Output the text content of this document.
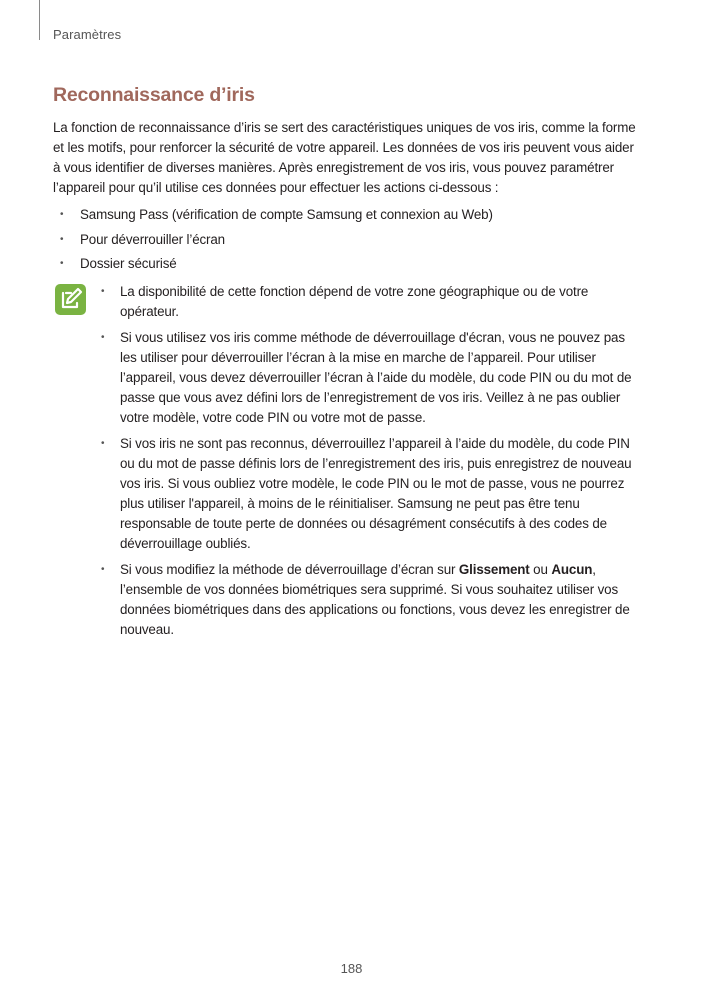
Paramètres
Reconnaissance d’iris

La fonction de reconnaissance d’iris se sert des caractéristiques uniques de vos iris, comme la forme et les motifs, pour renforcer la sécurité de votre appareil. Les données de vos iris peuvent vous aider à vous identifier de diverses manières. Après enregistrement de vos iris, vous pouvez paramétrer l’appareil pour qu’il utilise ces données pour effectuer les actions ci-dessous :

• Samsung Pass (vérification de compte Samsung et connexion au Web)
• Pour déverrouiller l’écran
• Dossier sécurisé
• La disponibilité de cette fonction dépend de votre zone géographique ou de votre opérateur.
• Si vous utilisez vos iris comme méthode de déverrouillage d'écran, vous ne pouvez pas les utiliser pour déverrouiller l’écran à la mise en marche de l’appareil. Pour utiliser l’appareil, vous devez déverrouiller l’écran à l’aide du modèle, du code PIN ou du mot de passe que vous avez défini lors de l’enregistrement de vos iris. Veillez à ne pas oublier votre modèle, votre code PIN ou votre mot de passe.
• Si vos iris ne sont pas reconnus, déverrouillez l’appareil à l’aide du modèle, du code PIN ou du mot de passe définis lors de l’enregistrement des iris, puis enregistrez de nouveau vos iris. Si vous oubliez votre modèle, le code PIN ou le mot de passe, vous ne pourrez plus utiliser l'appareil, à moins de le réinitialiser. Samsung ne peut pas être tenu responsable de toute perte de données ou désagrément consécutifs à des codes de déverrouillage oubliés.
• Si vous modifiez la méthode de déverrouillage d’écran sur Glissement ou Aucun, l’ensemble de vos données biométriques sera supprimé. Si vous souhaitez utiliser vos données biométriques dans des applications ou fonctions, vous devez les enregistrer de nouveau.
188
